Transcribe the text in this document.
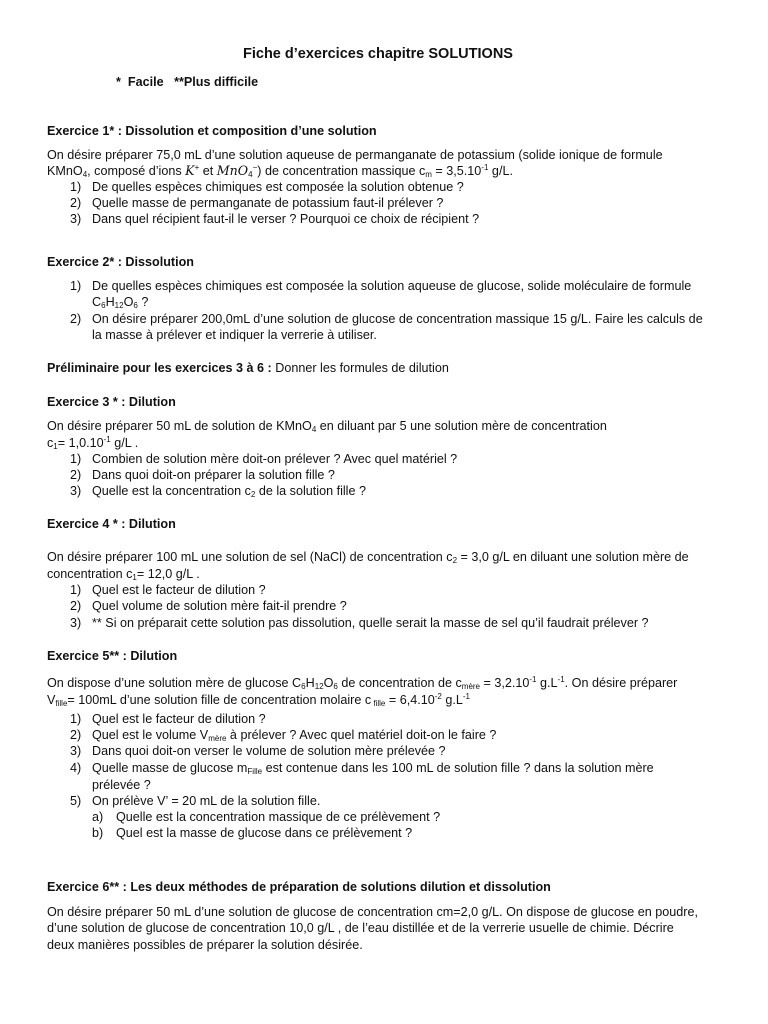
Fiche d’exercices chapitre SOLUTIONS
* Facile **Plus difficile
Exercice 1* : Dissolution et composition d’une solution
On désire préparer 75,0 mL d’une solution aqueuse de permanganate de potassium (solide ionique de formule
KMnO$_4$, composé d’ions K+ et MnO$_4$−) de concentration massique $c_m = 3,5.10^{-1}$ g/L.
1) De quelles espèces chimiques est composée la solution obtenue ?
2) Quelle masse de permanganate de potassium faut-il prélever ?
3) Dans quel récipient faut-il le verser ? Pourquoi ce choix de récipient ?
Exercice 2* : Dissolution
1) De quelles espèces chimiques est composée la solution aqueuse de glucose, solide moléculaire de formule
$C_6H_{12}O_6$ ?
2) On désire préparer 200,0mL d’une solution de glucose de concentration massique 15 g/L. Faire les calculs de
la masse à prélever et indiquer la verrerie à utiliser.
Préliminaire pour les exercices 3 à 6 : Donner les formules de dilution
Exercice 3 * : Dilution
On désire préparer 50 mL de solution de KMnO$_4$ en diluant par 5 une solution mère de concentration
$c_1= 1,0.10^{-1}$ g/L .
1) Combien de solution mère doit-on prélever ? Avec quel matériel ?
2) Dans quoi doit-on préparer la solution fille ?
3) Quelle est la concentration $c_2$ de la solution fille ?
Exercice 4 * : Dilution
On désire préparer 100 mL une solution de sel (NaCl) de concentration $c_2 = 3,0$ g/L en diluant une solution mère de
concentration $c_1= 12,0$ g/L .
1) Quel est le facteur de dilution ?
2) Quel volume de solution mère fait-il prendre ?
3) ** Si on préparait cette solution pas dissolution, quelle serait la masse de sel qu’il faudrait prélever ?
Exercice 5** : Dilution
On dispose d’une solution mère de glucose $C_6H_{12}O_6$ de concentration de $c_{mère} = 3,2.10^{-1}$ $g.L^{-1}$. On désire préparer
$V_{fille}= 100mL$ d’une solution fille de concentration molaire c $_{fille} = 6,4.10^{-2}$ $g.L^{-1}$
1) Quel est le facteur de dilution ?
2) Quel est le volume $V_{mère}$ à prélever ? Avec quel matériel doit-on le faire ?
3) Dans quoi doit-on verser le volume de solution mère prélevée ?
4) Quelle masse de glucose $m_{Fille}$ est contenue dans les 100 mL de solution fille ? dans la solution mère
prélevée ?
5) On prélève V’ = 20 mL de la solution fille.
a) Quelle est la concentration massique de ce prélèvement ?
b) Quel est la masse de glucose dans ce prélèvement ?
Exercice 6** : Les deux méthodes de préparation de solutions dilution et dissolution
On désire préparer 50 mL d’une solution de glucose de concentration cm=2,0 g/L. On dispose de glucose en poudre,
d’une solution de glucose de concentration 10,0 g/L , de l’eau distillée et de la verrerie usuelle de chimie. Décrire
deux manières possibles de préparer la solution désirée.
